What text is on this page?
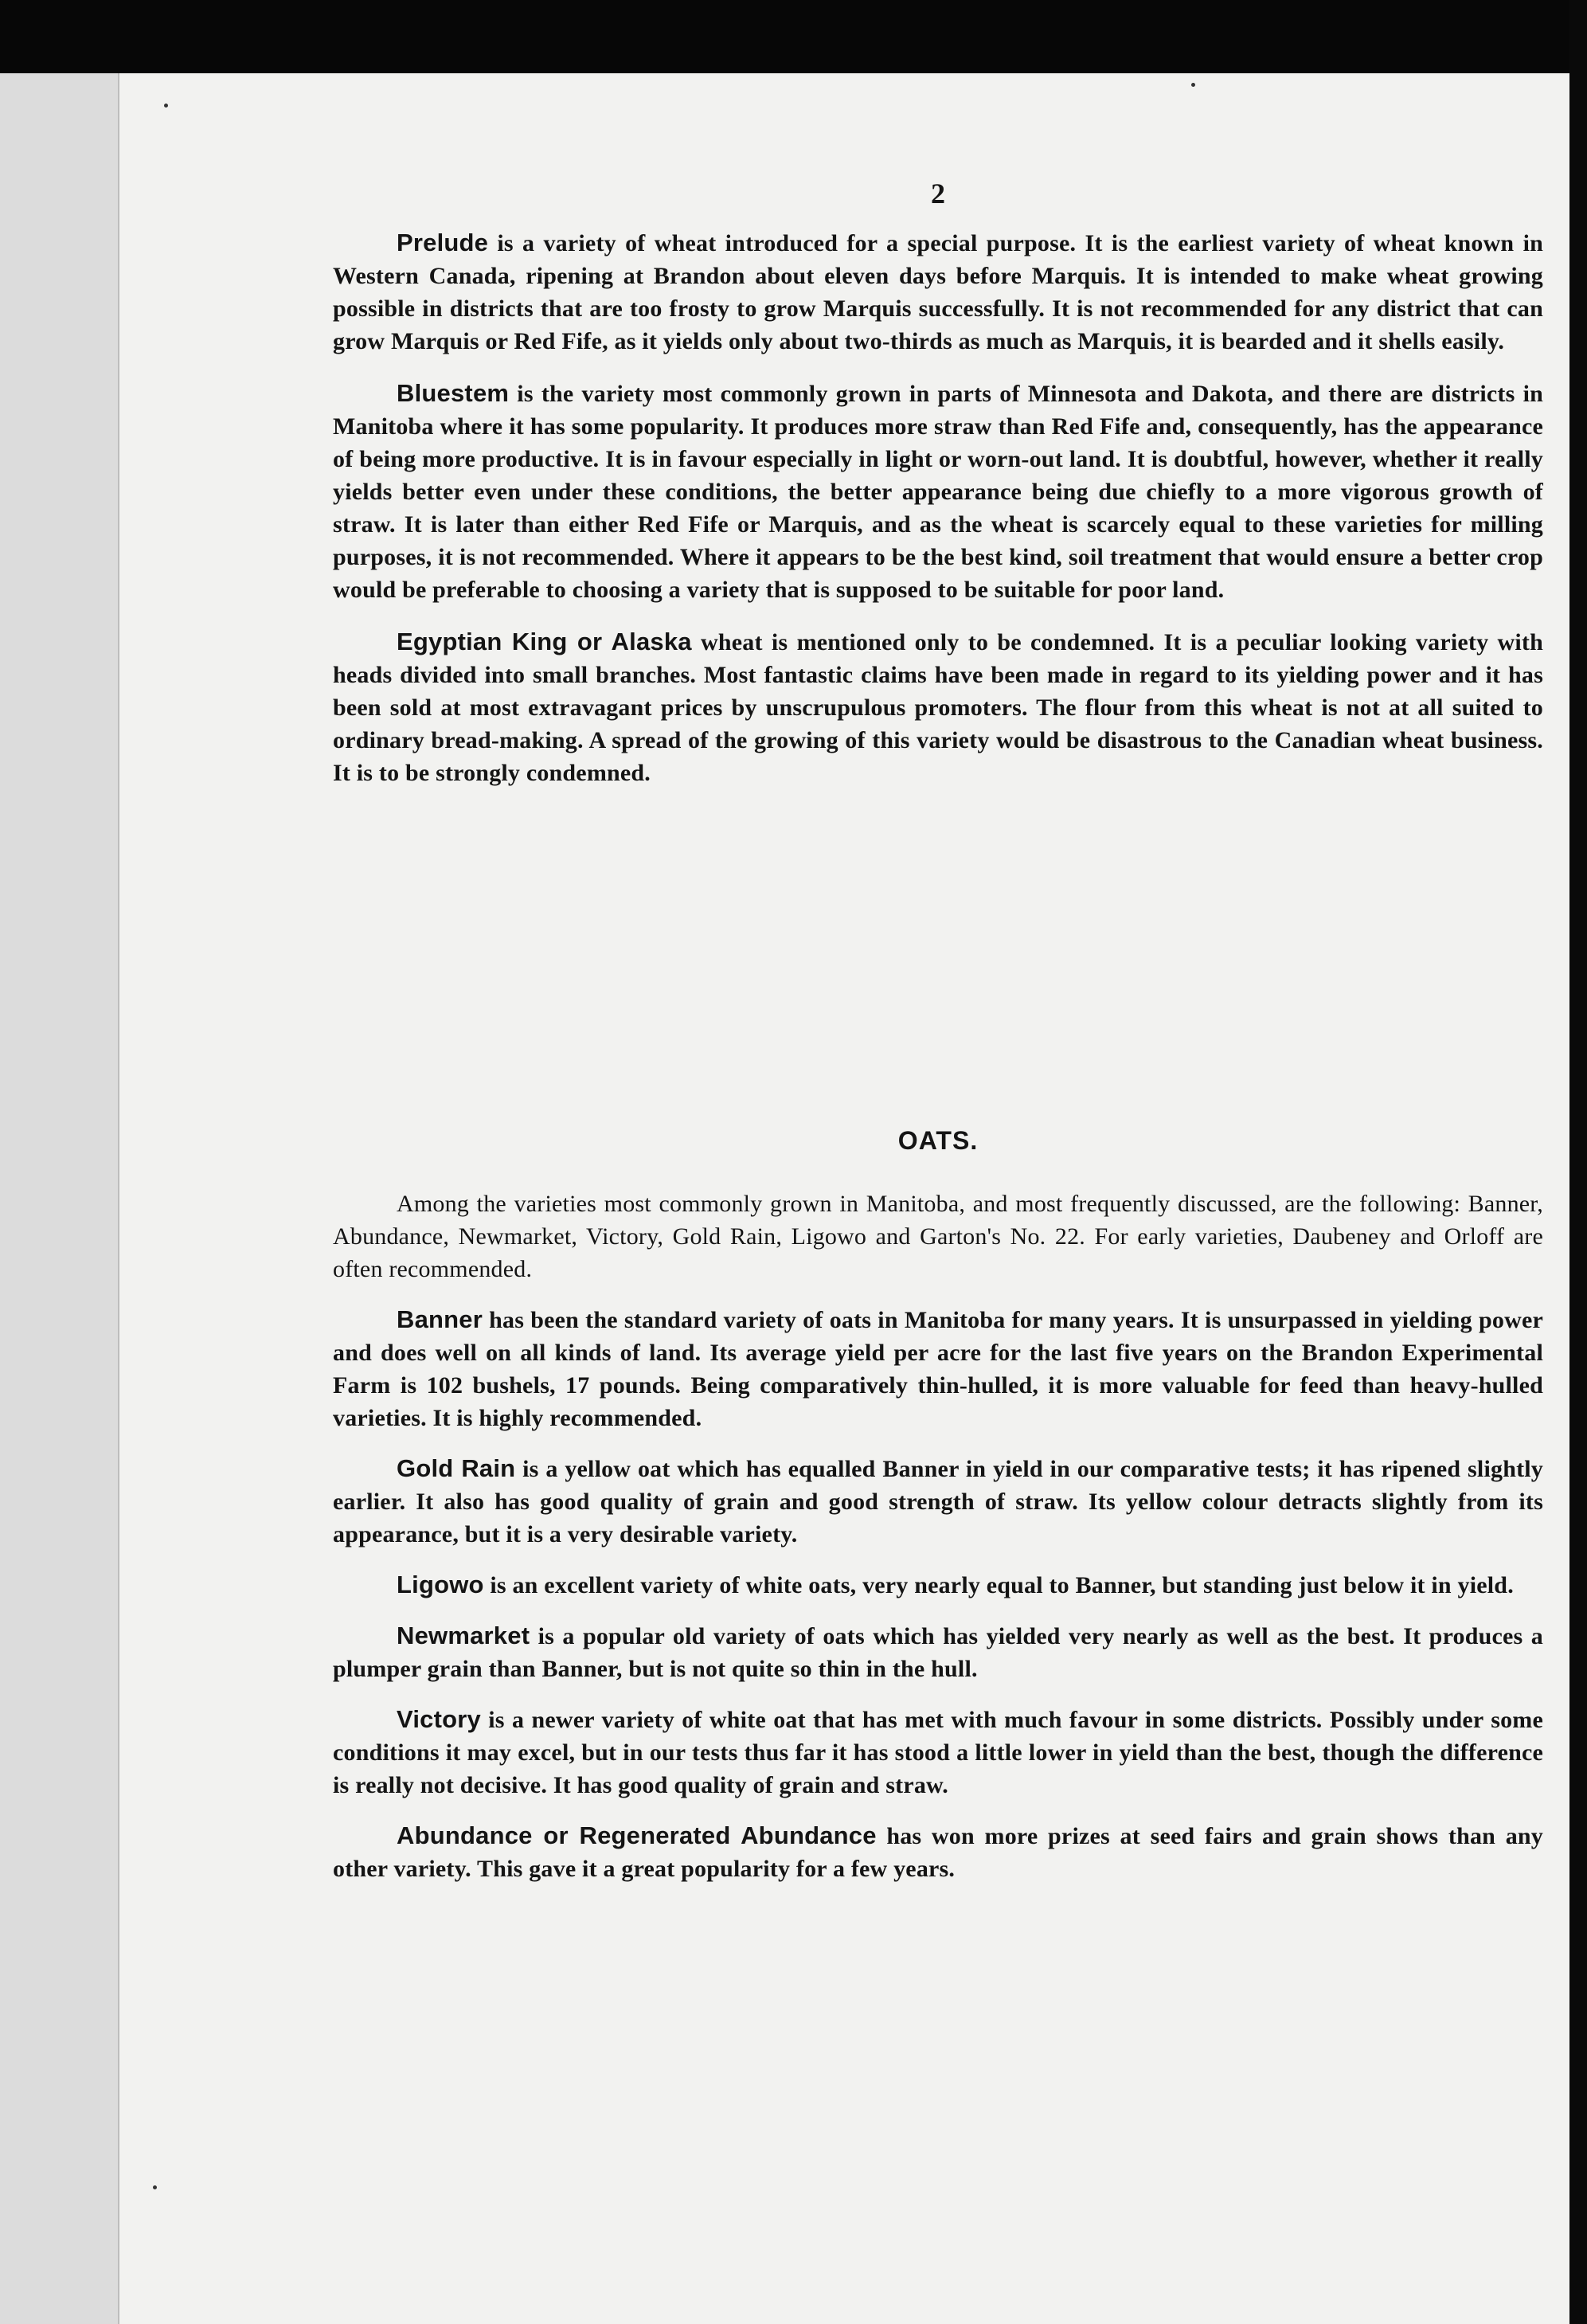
2

Prelude is a variety of wheat introduced for a special purpose. It is the earliest variety of wheat known in Western Canada, ripening at Brandon about eleven days before Marquis. It is intended to make wheat growing possible in districts that are too frosty to grow Marquis successfully. It is not recommended for any district that can grow Marquis or Red Fife, as it yields only about two-thirds as much as Marquis, it is bearded and it shells easily.

Bluestem is the variety most commonly grown in parts of Minnesota and Dakota, and there are districts in Manitoba where it has some popularity. It produces more straw than Red Fife and, consequently, has the appearance of being more productive. It is in favour especially in light or worn-out land. It is doubtful, however, whether it really yields better even under these conditions, the better appearance being due chiefly to a more vigorous growth of straw. It is later than either Red Fife or Marquis, and as the wheat is scarcely equal to these varieties for milling purposes, it is not recommended. Where it appears to be the best kind, soil treatment that would ensure a better crop would be preferable to choosing a variety that is supposed to be suitable for poor land.

Egyptian King or Alaska wheat is mentioned only to be condemned. It is a peculiar looking variety with heads divided into small branches. Most fantastic claims have been made in regard to its yielding power and it has been sold at most extravagant prices by unscrupulous promoters. The flour from this wheat is not at all suited to ordinary bread-making. A spread of the growing of this variety would be disastrous to the Canadian wheat business. It is to be strongly condemned.

OATS.

Among the varieties most commonly grown in Manitoba, and most frequently discussed, are the following: Banner, Abundance, Newmarket, Victory, Gold Rain, Ligowo and Garton's No. 22. For early varieties, Daubeney and Orloff are often recommended.

Banner has been the standard variety of oats in Manitoba for many years. It is unsurpassed in yielding power and does well on all kinds of land. Its average yield per acre for the last five years on the Brandon Experimental Farm is 102 bushels, 17 pounds. Being comparatively thin-hulled, it is more valuable for feed than heavy-hulled varieties. It is highly recommended.

Gold Rain is a yellow oat which has equalled Banner in yield in our comparative tests; it has ripened slightly earlier. It also has good quality of grain and good strength of straw. Its yellow colour detracts slightly from its appearance, but it is a very desirable variety.

Ligowo is an excellent variety of white oats, very nearly equal to Banner, but standing just below it in yield.

Newmarket is a popular old variety of oats which has yielded very nearly as well as the best. It produces a plumper grain than Banner, but is not quite so thin in the hull.

Victory is a newer variety of white oat that has met with much favour in some districts. Possibly under some conditions it may excel, but in our tests thus far it has stood a little lower in yield than the best, though the difference is really not decisive. It has good quality of grain and straw.

Abundance or Regenerated Abundance has won more prizes at seed fairs and grain shows than any other variety. This gave it a great popularity for a few years.
